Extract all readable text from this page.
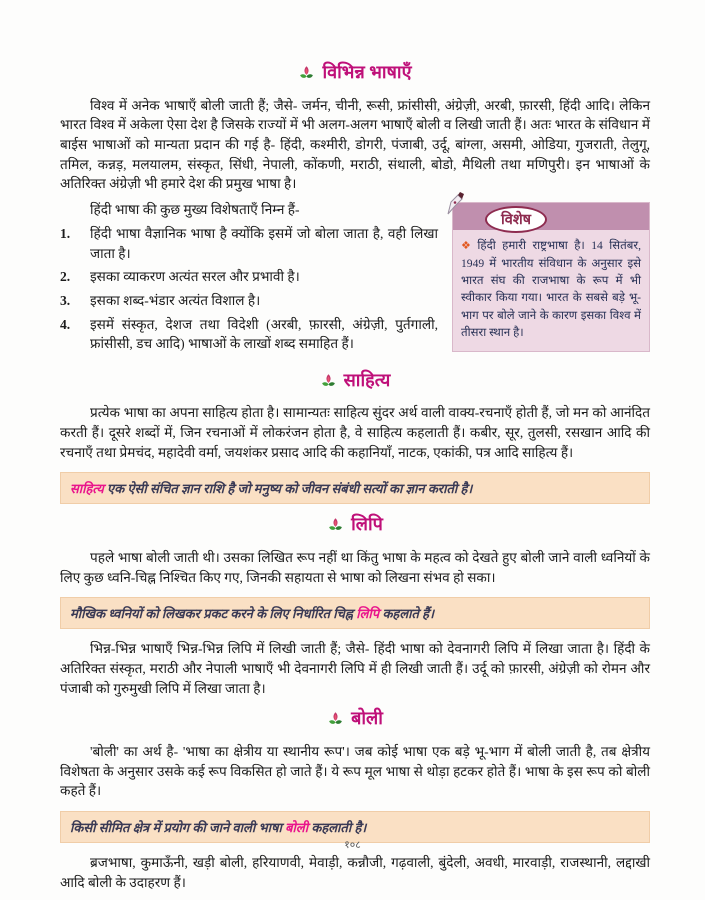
विभिन्न भाषाएँ

विश्व में अनेक भाषाएँ बोली जाती हैं; जैसे- जर्मन, चीनी, रूसी, फ्रांसीसी, अंग्रेज़ी, अरबी, फ़ारसी, हिंदी आदि। लेकिन भारत विश्व में अकेला ऐसा देश है जिसके राज्यों में भी अलग-अलग भाषाएँ बोली व लिखी जाती हैं। अतः भारत के संविधान में बाईस भाषाओं को मान्यता प्रदान की गई है- हिंदी, कश्मीरी, डोगरी, पंजाबी, उर्दू, बांग्ला, असमी, ओडिया, गुजराती, तेलुगू, तमिल, कन्नड़, मलयालम, संस्कृत, सिंधी, नेपाली, कोंकणी, मराठी, संथाली, बोडो, मैथिली तथा मणिपुरी। इन भाषाओं के अतिरिक्त अंग्रेज़ी भी हमारे देश की प्रमुख भाषा है।

विशेष
❖ हिंदी हमारी राष्ट्रभाषा है। 14 सितंबर, 1949 में भारतीय संविधान के अनुसार इसे भारत संघ की राजभाषा के रूप में भी स्वीकार किया गया। भारत के सबसे बड़े भू-भाग पर बोले जाने के कारण इसका विश्व में तीसरा स्थान है।

हिंदी भाषा की कुछ मुख्य विशेषताएँ निम्न हैं-

1.	हिंदी भाषा वैज्ञानिक भाषा है क्योंकि इसमें जो बोला जाता है, वही लिखा जाता है।
2.	इसका व्याकरण अत्यंत सरल और प्रभावी है।
3.	इसका शब्द-भंडार अत्यंत विशाल है।
4.	इसमें संस्कृत, देशज तथा विदेशी (अरबी, फ़ारसी, अंग्रेज़ी, पुर्तगाली, फ्रांसीसी, डच आदि) भाषाओं के लाखों शब्द समाहित हैं।
साहित्य

प्रत्येक भाषा का अपना साहित्य होता है। सामान्यतः साहित्य सुंदर अर्थ वाली वाक्य-रचनाएँ होती हैं, जो मन को आनंदित करती हैं। दूसरे शब्दों में, जिन रचनाओं में लोकरंजन होता है, वे साहित्य कहलाती हैं। कबीर, सूर, तुलसी, रसखान आदि की रचनाएँ तथा प्रेमचंद, महादेवी वर्मा, जयशंकर प्रसाद आदि की कहानियाँ, नाटक, एकांकी, पत्र आदि साहित्य हैं।

साहित्य एक ऐसी संचित ज्ञान राशि है जो मनुष्य को जीवन संबंधी सत्यों का ज्ञान कराती है।
लिपि

पहले भाषा बोली जाती थी। उसका लिखित रूप नहीं था किंतु भाषा के महत्व को देखते हुए बोली जाने वाली ध्वनियों के लिए कुछ ध्वनि-चिह्न निश्चित किए गए, जिनकी सहायता से भाषा को लिखना संभव हो सका।

मौखिक ध्वनियों को लिखकर प्रकट करने के लिए निर्धारित चिह्न लिपि कहलाते हैं।

भिन्न-भिन्न भाषाएँ भिन्न-भिन्न लिपि में लिखी जाती हैं; जैसे- हिंदी भाषा को देवनागरी लिपि में लिखा जाता है। हिंदी के अतिरिक्त संस्कृत, मराठी और नेपाली भाषाएँ भी देवनागरी लिपि में ही लिखी जाती हैं। उर्दू को फ़ारसी, अंग्रेज़ी को रोमन और पंजाबी को गुरुमुखी लिपि में लिखा जाता है।

बोली

'बोली' का अर्थ है- 'भाषा का क्षेत्रीय या स्थानीय रूप'। जब कोई भाषा एक बड़े भू-भाग में बोली जाती है, तब क्षेत्रीय विशेषता के अनुसार उसके कई रूप विकसित हो जाते हैं। ये रूप मूल भाषा से थोड़ा हटकर होते हैं। भाषा के इस रूप को बोली कहते हैं।

किसी सीमित क्षेत्र में प्रयोग की जाने वाली भाषा बोली कहलाती है।

ब्रजभाषा, कुमाऊँनी, खड़ी बोली, हरियाणवी, मेवाड़ी, कन्नौजी, गढ़वाली, बुंदेली, अवधी, मारवाड़ी, राजस्थानी, लद्दाखी आदि बोली के उदाहरण हैं।

१०८
